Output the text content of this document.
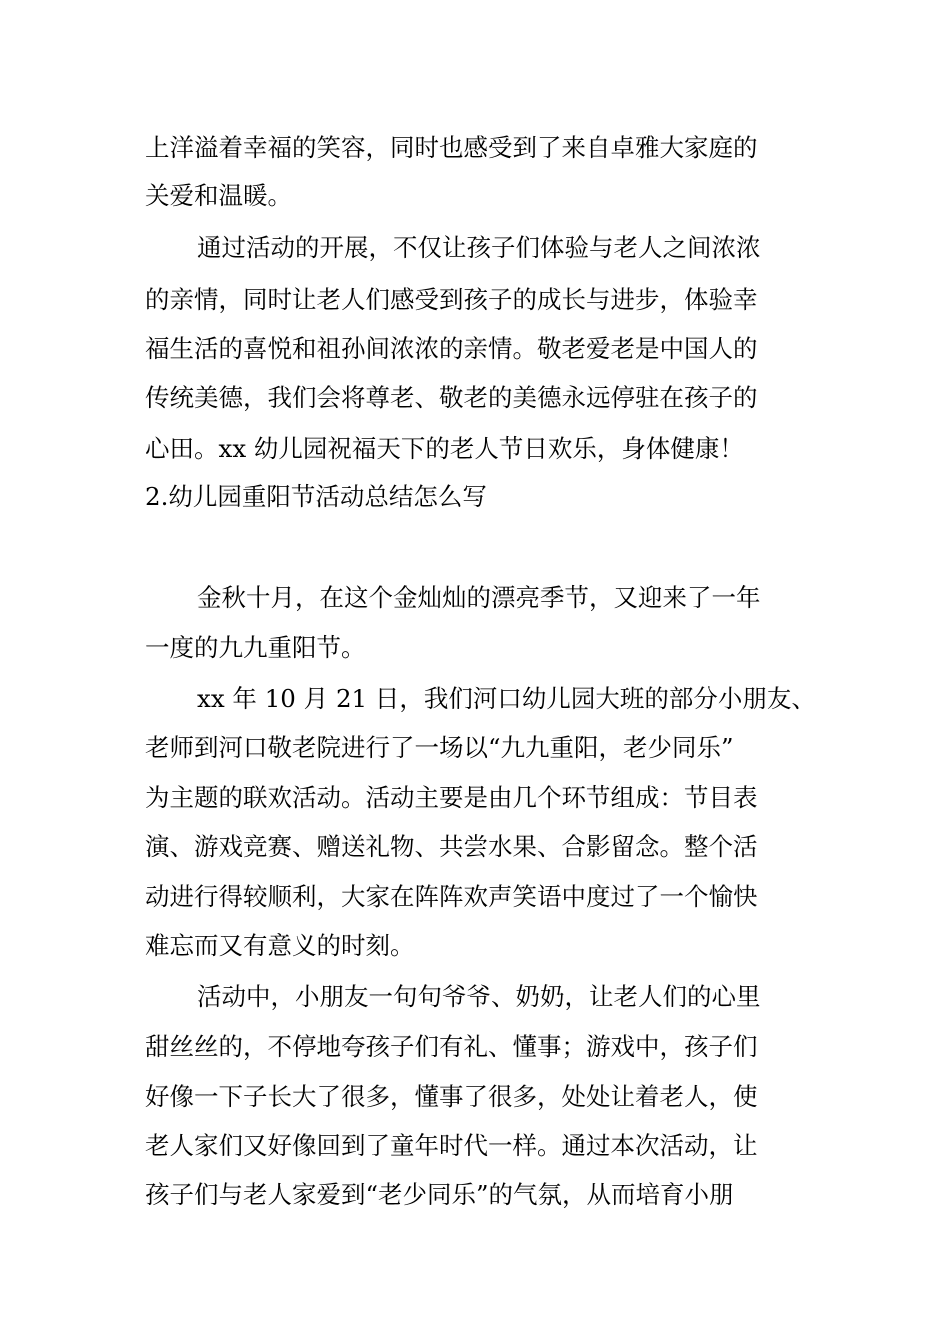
上洋溢着幸福的笑容，同时也感受到了来自卓雅大家庭的
关爱和温暖。
通过活动的开展，不仅让孩子们体验与老人之间浓浓
的亲情，同时让老人们感受到孩子的成长与进步，体验幸
福生活的喜悦和祖孙间浓浓的亲情。敬老爱老是中国人的
传统美德，我们会将尊老、敬老的美德永远停驻在孩子的
心田。xx 幼儿园祝福天下的老人节日欢乐，身体健康！
2.幼儿园重阳节活动总结怎么写
金秋十月，在这个金灿灿的漂亮季节，又迎来了一年
一度的九九重阳节。
xx 年 10 月 21 日，我们河口幼儿园大班的部分小朋友、
老师到河口敬老院进行了一场以“九九重阳，老少同乐”
为主题的联欢活动。活动主要是由几个环节组成：节目表
演、游戏竞赛、赠送礼物、共尝水果、合影留念。整个活
动进行得较顺利，大家在阵阵欢声笑语中度过了一个愉快
难忘而又有意义的时刻。
活动中，小朋友一句句爷爷、奶奶，让老人们的心里
甜丝丝的，不停地夸孩子们有礼、懂事；游戏中，孩子们
好像一下子长大了很多，懂事了很多，处处让着老人，使
老人家们又好像回到了童年时代一样。通过本次活动，让
孩子们与老人家爱到“老少同乐”的气氛，从而培育小朋
